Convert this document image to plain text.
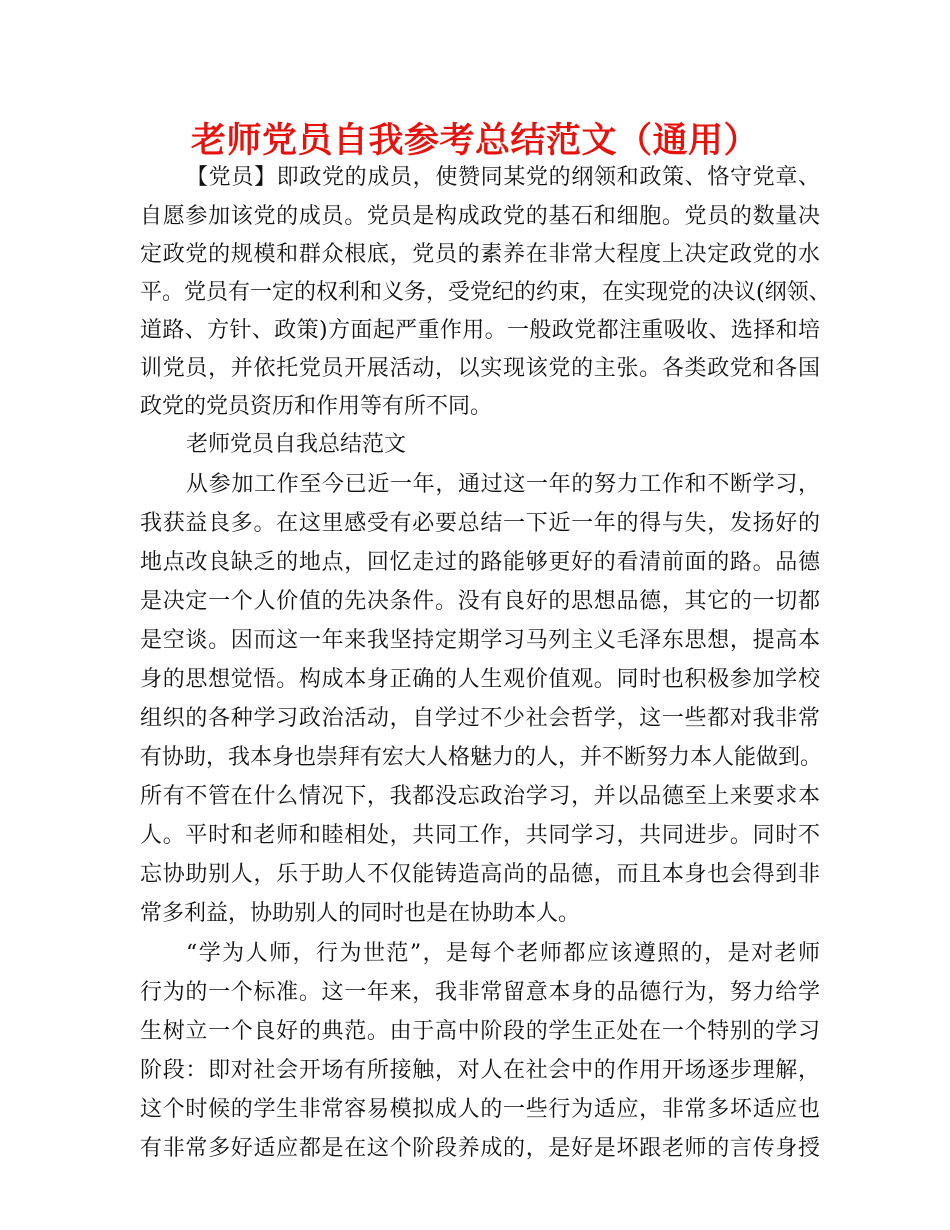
老师党员自我参考总结范文（通用）
【党员】即政党的成员，使赞同某党的纲领和政策、恪守党章、
自愿参加该党的成员。党员是构成政党的基石和细胞。党员的数量决
定政党的规模和群众根底，党员的素养在非常大程度上决定政党的水
平。党员有一定的权利和义务，受党纪的约束，在实现党的决议(纲领、
道路、方针、政策)方面起严重作用。一般政党都注重吸收、选择和培
训党员，并依托党员开展活动，以实现该党的主张。各类政党和各国
政党的党员资历和作用等有所不同。
老师党员自我总结范文
从参加工作至今已近一年，通过这一年的努力工作和不断学习，
我获益良多。在这里感受有必要总结一下近一年的得与失，发扬好的
地点改良缺乏的地点，回忆走过的路能够更好的看清前面的路。品德
是决定一个人价值的先决条件。没有良好的思想品德，其它的一切都
是空谈。因而这一年来我坚持定期学习马列主义毛泽东思想，提高本
身的思想觉悟。构成本身正确的人生观价值观。同时也积极参加学校
组织的各种学习政治活动，自学过不少社会哲学，这一些都对我非常
有协助，我本身也崇拜有宏大人格魅力的人，并不断努力本人能做到。
所有不管在什么情况下，我都没忘政治学习，并以品德至上来要求本
人。平时和老师和睦相处，共同工作，共同学习，共同进步。同时不
忘协助别人，乐于助人不仅能铸造高尚的品德，而且本身也会得到非
常多利益，协助别人的同时也是在协助本人。
“学为人师，行为世范”，是每个老师都应该遵照的，是对老师
行为的一个标准。这一年来，我非常留意本身的品德行为，努力给学
生树立一个良好的典范。由于高中阶段的学生正处在一个特别的学习
阶段：即对社会开场有所接触，对人在社会中的作用开场逐步理解，
这个时候的学生非常容易模拟成人的一些行为适应，非常多坏适应也
有非常多好适应都是在这个阶段养成的，是好是坏跟老师的言传身授
